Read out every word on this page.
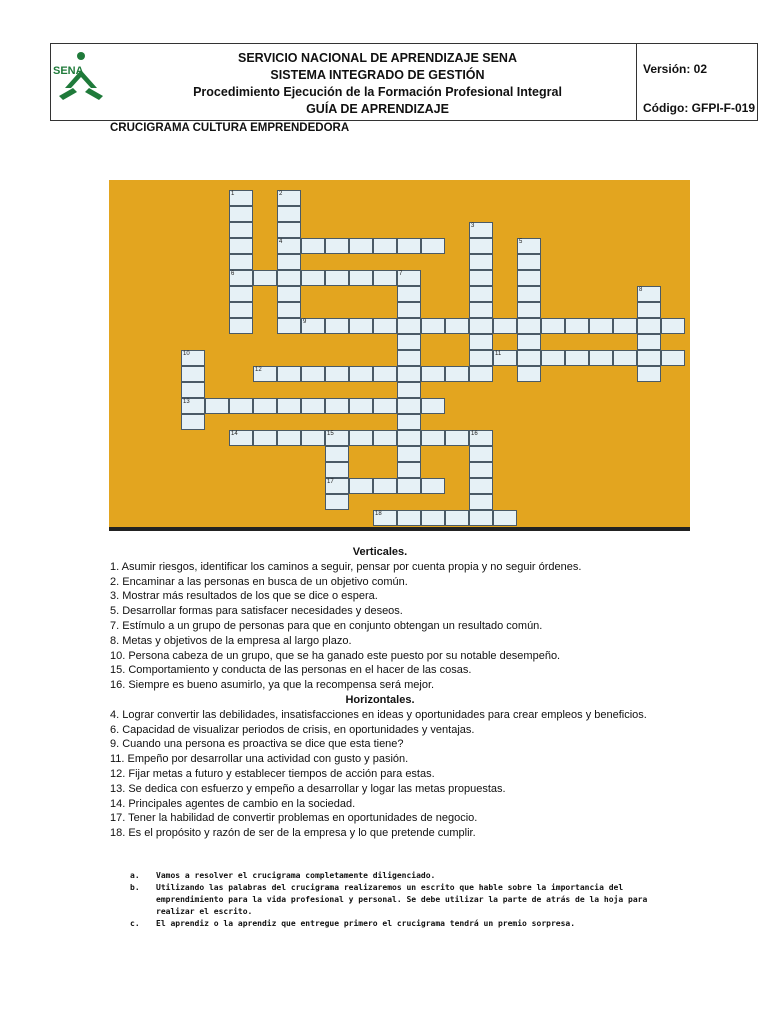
SENA
SERVICIO NACIONAL DE APRENDIZAJE SENA
SISTEMA INTEGRADO DE GESTIÓN
Procedimiento Ejecución de la Formación Profesional Integral
GUÍA DE APRENDIZAJE
Versión: 02
Código: GFPI-F-019
CRUCIGRAMA CULTURA EMPRENDEDORA
1
6
2
4
3
5
7
8
9
10
13
11
12
14	15	16
17
18
Verticales.

1. Asumir riesgos, identificar los caminos a seguir, pensar por cuenta propia y no seguir órdenes.

2. Encaminar a las personas en busca de un objetivo común.

3. Mostrar más resultados de los que se dice o espera.

5. Desarrollar formas para satisfacer necesidades y deseos.

7. Estímulo a un grupo de personas para que en conjunto obtengan un resultado común.

8. Metas y objetivos de la empresa al largo plazo.

10. Persona cabeza de un grupo, que se ha ganado este puesto por su notable desempeño.

15. Comportamiento y conducta de las personas en el hacer de las cosas.

16. Siempre es bueno asumirlo, ya que la recompensa será mejor.

Horizontales.

4. Lograr convertir las debilidades, insatisfacciones en ideas y oportunidades para crear empleos y beneficios.

6. Capacidad de visualizar periodos de crisis, en oportunidades y ventajas.

9. Cuando una persona es proactiva se dice que esta tiene?

11. Empeño por desarrollar una actividad con gusto y pasión.

12. Fijar metas a futuro y establecer tiempos de acción para estas.

13. Se dedica con esfuerzo y empeño a desarrollar y logar las metas propuestas.

14. Principales agentes de cambio en la sociedad.

17. Tener la habilidad de convertir problemas en oportunidades de negocio.

18. Es el propósito y razón de ser de la empresa y lo que pretende cumplir.

a.	Vamos a resolver el crucigrama completamente diligenciado.
b.	Utilizando las palabras del crucigrama realizaremos un escrito que hable sobre la importancia del emprendimiento para la vida profesional y personal. Se debe utilizar la parte de atrás de la hoja para realizar el escrito.
c.	El aprendiz o la aprendiz que entregue primero el crucigrama tendrá un premio sorpresa.
